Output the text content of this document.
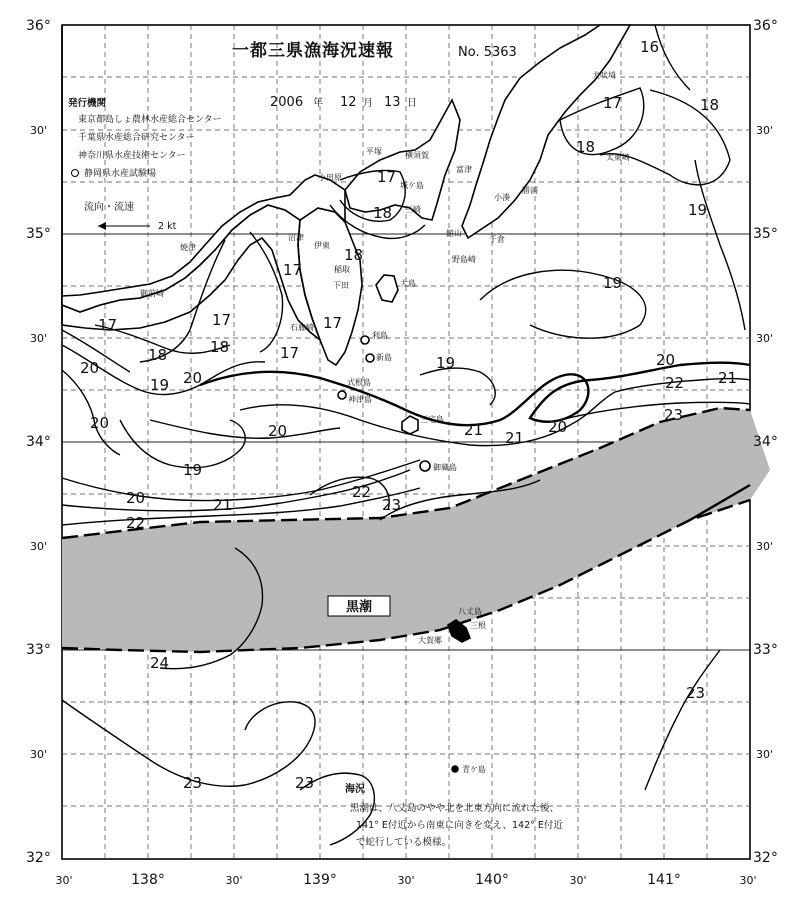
16
17	18
18
17
18	19
17
18
17	17
18	17
17
18
20
19 20
20	20
19
19	20
21
22 21
23
20
19
20	21
22
22
23
21
24
23
23	23
黒潮
犬吠埼
太東崎
小湊
勝浦
千倉
野島崎
平塚	横須賀
富津
小田原
城ケ島
三崎
館山
沼津
伊東
稲取
下田
焼津
御前崎
石廊崎
大島
利島
新島
式根島
神津島
三宅島
御蔵島
八丈島
大賀郷
三根
青ケ島
一都三県漁海況速報	No. 5363
2006 年 12 月 13 日
発行機関
東京都島しょ農林水産総合センター
千葉県水産総合研究センター
神奈川県水産技術センター
静岡県水産試験場
流向・流速
2 kt
海況
黒潮は、八丈島のやや北を北東方向に流れた後、
141° E付近から南東に向きを変え、142° E付近
で蛇行している模様。
36°
30'
35°
30'
34°
30'
33°
30'
32°
36°
30'
35°
30'
34°
30'
33°
30'
32°
30'	138°	30'	139°	30'	140°	30'	141°	30'
